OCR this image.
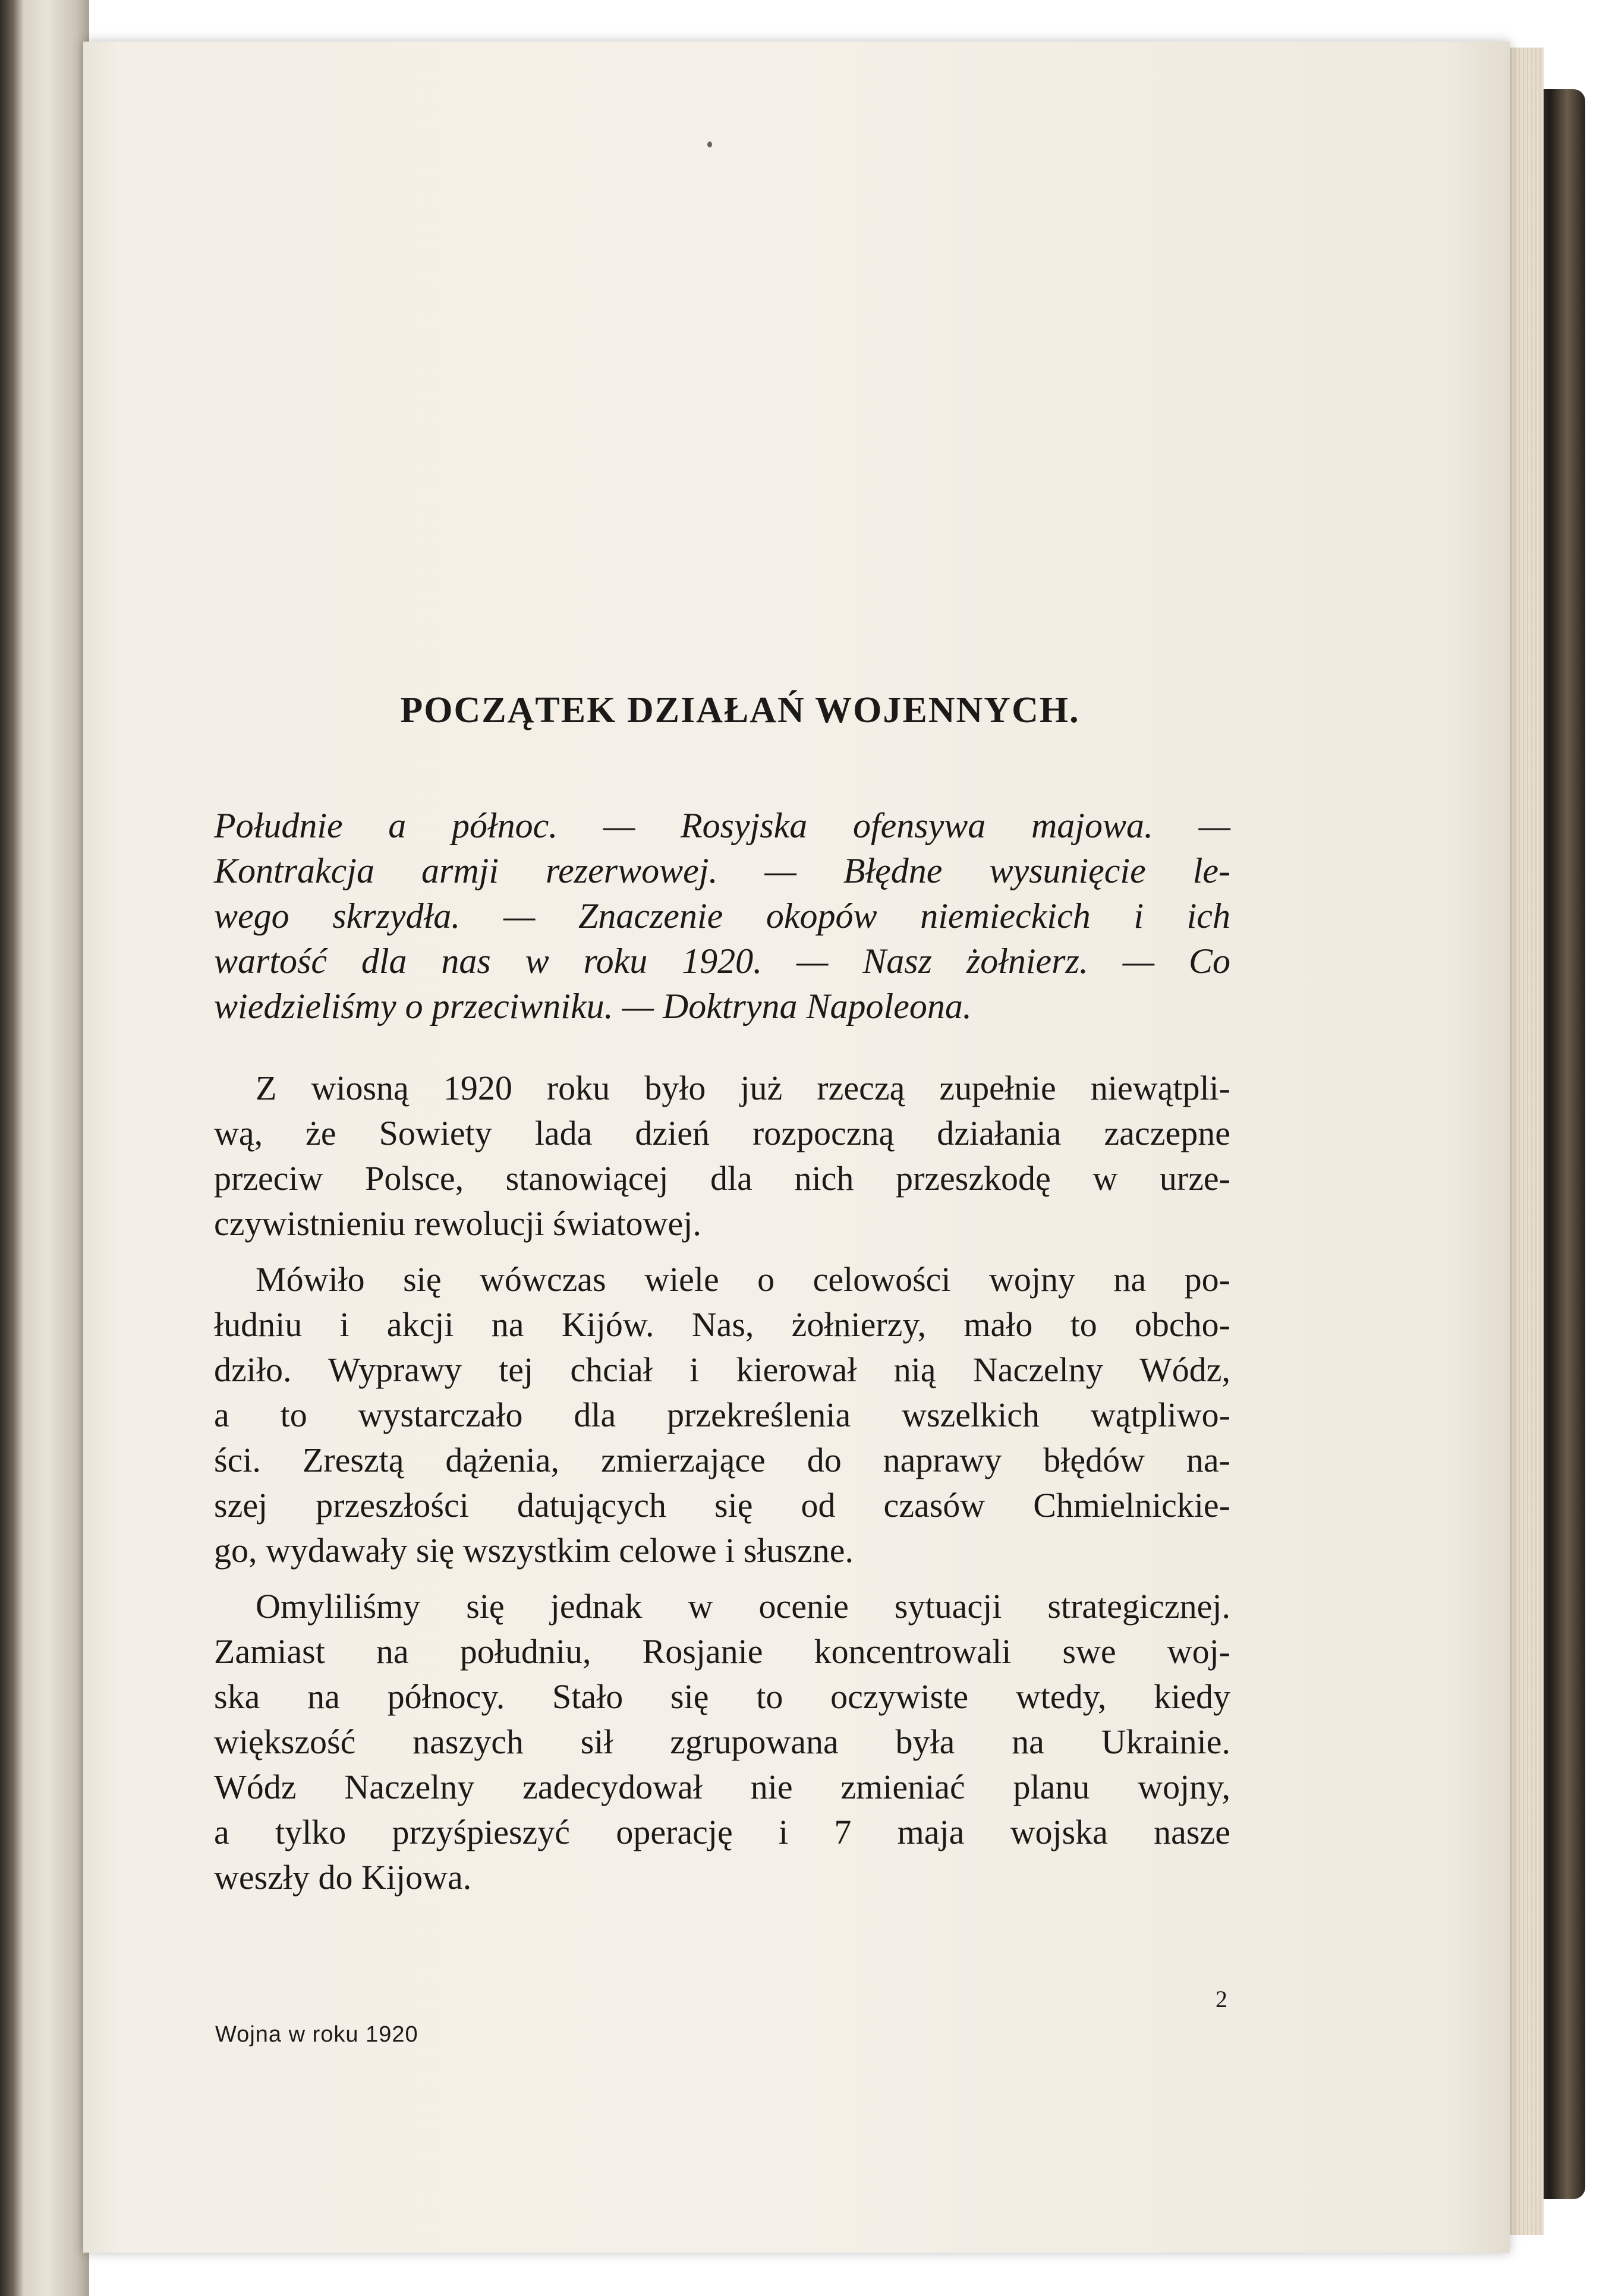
POCZĄTEK DZIAŁAŃ WOJENNYCH.
Południe a północ. — Rosyjska ofensywa majowa. —
Kontrakcja armji rezerwowej. — Błędne wysunięcie le-
wego skrzydła. — Znaczenie okopów niemieckich i ich
wartość dla nas w roku 1920. — Nasz żołnierz. — Co
wiedzieliśmy o przeciwniku. — Doktryna Napoleona.
Z wiosną 1920 roku było już rzeczą zupełnie niewątpli-
wą, że Sowiety lada dzień rozpoczną działania zaczepne
przeciw Polsce, stanowiącej dla nich przeszkodę w urze-
czywistnieniu rewolucji światowej.
Mówiło się wówczas wiele o celowości wojny na po-
łudniu i akcji na Kijów. Nas, żołnierzy, mało to obcho-
dziło. Wyprawy tej chciał i kierował nią Naczelny Wódz,
a to wystarczało dla przekreślenia wszelkich wątpliwo-
ści. Zresztą dążenia, zmierzające do naprawy błędów na-
szej przeszłości datujących się od czasów Chmielnickie-
go, wydawały się wszystkim celowe i słuszne.
Omyliliśmy się jednak w ocenie sytuacji strategicznej.
Zamiast na południu, Rosjanie koncentrowali swe woj-
ska na północy. Stało się to oczywiste wtedy, kiedy
większość naszych sił zgrupowana była na Ukrainie.
Wódz Naczelny zadecydował nie zmieniać planu wojny,
a tylko przyśpieszyć operację i 7 maja wojska nasze
weszły do Kijowa.
2
Wojna w roku 1920
